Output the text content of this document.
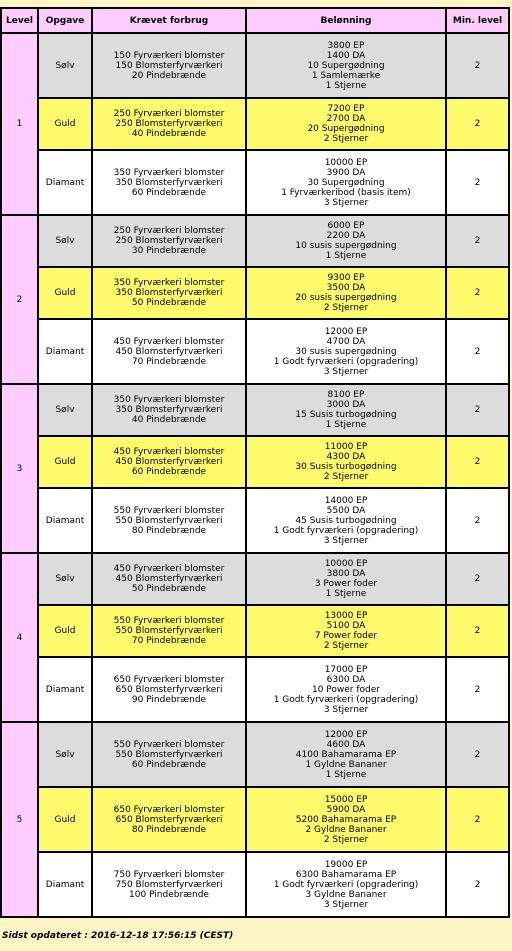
Level	Opgave	Krævet forbrug	Belønning	Min. level
1	Sølv	150 Fyrværkeri blomster
150 Blomsterfyrværkeri
20 Pindebrænde	3800 EP
1400 DA
10 Supergødning
1 Samlemærke
1 Stjerne	2
	Guld	250 Fyrværkeri blomster
250 Blomsterfyrværkeri
40 Pindebrænde	7200 EP
2700 DA
20 Supergødning
2 Stjerner	2
	Diamant	350 Fyrværkeri blomster
350 Blomsterfyrværkeri
60 Pindebrænde	10000 EP
3900 DA
30 Supergødning
1 Fyrværkeribod (basis item)
3 Stjerner	2
2	Sølv	250 Fyrværkeri blomster
250 Blomsterfyrværkeri
30 Pindebrænde	6000 EP
2200 DA
10 susis supergødning
1 Stjerne	2
	Guld	350 Fyrværkeri blomster
350 Blomsterfyrværkeri
50 Pindebrænde	9300 EP
3500 DA
20 susis supergødning
2 Stjerner	2
	Diamant	450 Fyrværkeri blomster
450 Blomsterfyrværkeri
70 Pindebrænde	12000 EP
4700 DA
30 susis supergødning
1 Godt fyrværkeri (opgradering)
3 Stjerner	2
3	Sølv	350 Fyrværkeri blomster
350 Blomsterfyrværkeri
40 Pindebrænde	8100 EP
3000 DA
15 Susis turbogødning
1 Stjerne	2
	Guld	450 Fyrværkeri blomster
450 Blomsterfyrværkeri
60 Pindebrænde	11000 EP
4300 DA
30 Susis turbogødning
2 Stjerner	2
	Diamant	550 Fyrværkeri blomster
550 Blomsterfyrværkeri
80 Pindebrænde	14000 EP
5500 DA
45 Susis turbogødning
1 Godt fyrværkeri (opgradering)
3 Stjerner	2
4	Sølv	450 Fyrværkeri blomster
450 Blomsterfyrværkeri
50 Pindebrænde	10000 EP
3800 DA
3 Power foder
1 Stjerne	2
	Guld	550 Fyrværkeri blomster
550 Blomsterfyrværkeri
70 Pindebrænde	13000 EP
5100 DA
7 Power foder
2 Stjerner	2
	Diamant	650 Fyrværkeri blomster
650 Blomsterfyrværkeri
90 Pindebrænde	17000 EP
6300 DA
10 Power foder
1 Godt fyrværkeri (opgradering)
3 Stjerner	2
5	Sølv	550 Fyrværkeri blomster
550 Blomsterfyrværkeri
60 Pindebrænde	12000 EP
4600 DA
4100 Bahamarama EP
1 Gyldne Bananer
1 Stjerne	2
	Guld	650 Fyrværkeri blomster
650 Blomsterfyrværkeri
80 Pindebrænde	15000 EP
5900 DA
5200 Bahamarama EP
2 Gyldne Bananer
2 Stjerner	2
	Diamant	750 Fyrværkeri blomster
750 Blomsterfyrværkeri
100 Pindebrænde	19000 EP
6300 Bahamarama EP
1 Godt fyrværkeri (opgradering)
3 Gyldne Bananer
3 Stjerner	2
Sidst opdateret : 2016-12-18 17:56:15 (CEST)
